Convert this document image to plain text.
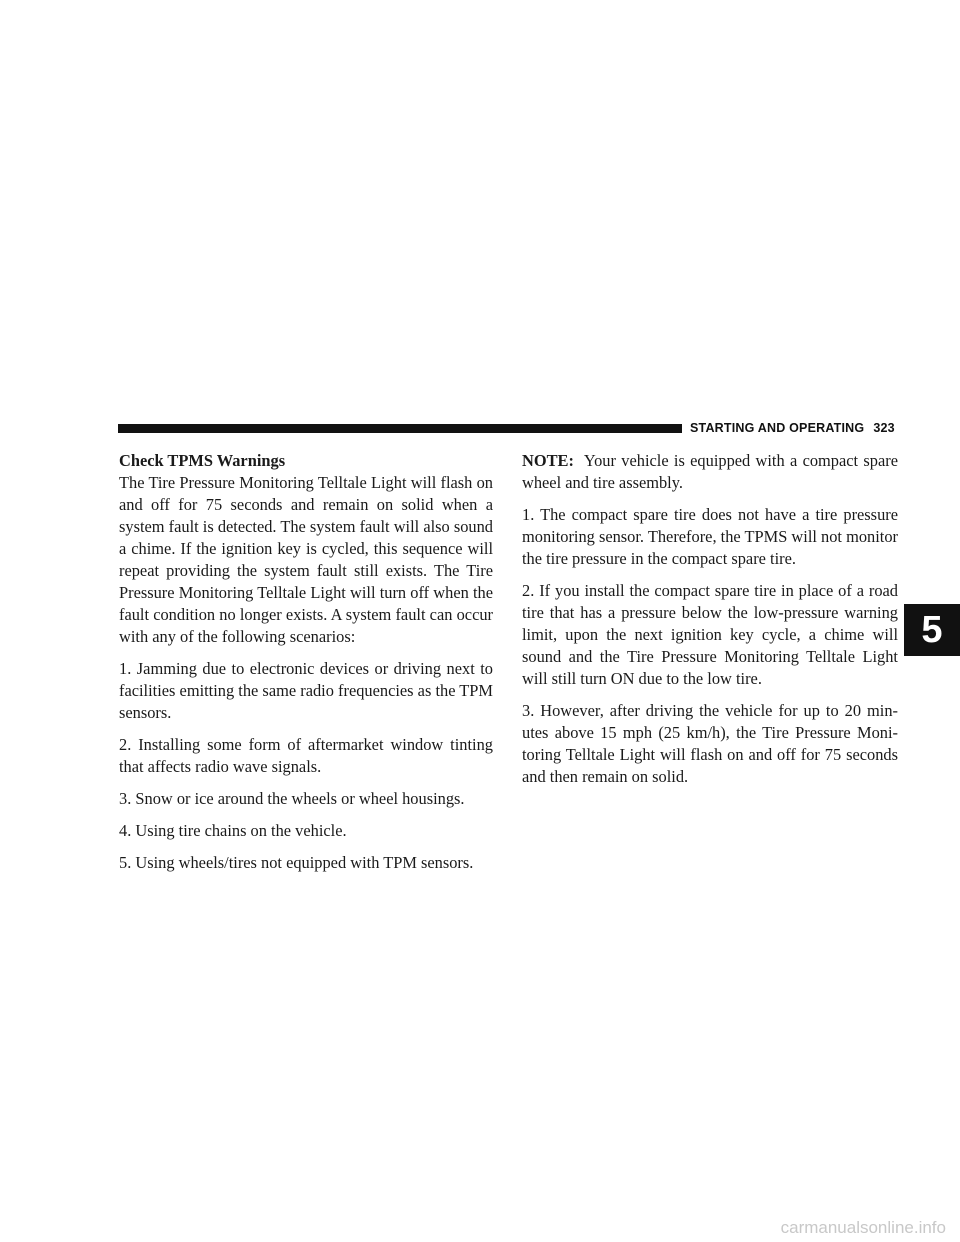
STARTING AND OPERATING 323
5
Check TPMS Warnings

The Tire Pressure Monitoring Telltale Light will flash on and off for 75 seconds and remain on solid when a system fault is detected. The system fault will also sound a chime. If the ignition key is cycled, this sequence will repeat providing the system fault still exists. The Tire Pressure Monitoring Telltale Light will turn off when the fault condition no longer exists. A system fault can occur with any of the following scenarios:

1. Jamming due to electronic devices or driving next to facilities emitting the same radio frequencies as the TPM sensors.

2. Installing some form of aftermarket window tinting that affects radio wave signals.

3. Snow or ice around the wheels or wheel housings.

4. Using tire chains on the vehicle.

5. Using wheels/tires not equipped with TPM sensors.

NOTE: Your vehicle is equipped with a compact spare wheel and tire assembly.

1. The compact spare tire does not have a tire pressure monitoring sensor. Therefore, the TPMS will not monitor the tire pressure in the compact spare tire.

2. If you install the compact spare tire in place of a road tire that has a pressure below the low-pressure warning limit, upon the next ignition key cycle, a chime will sound and the Tire Pressure Monitoring Telltale Light will still turn ON due to the low tire.

3. However, after driving the vehicle for up to 20 min-utes above 15 mph (25 km/h), the Tire Pressure Moni-toring Telltale Light will flash on and off for 75 seconds and then remain on solid.

carmanualsonline.info
